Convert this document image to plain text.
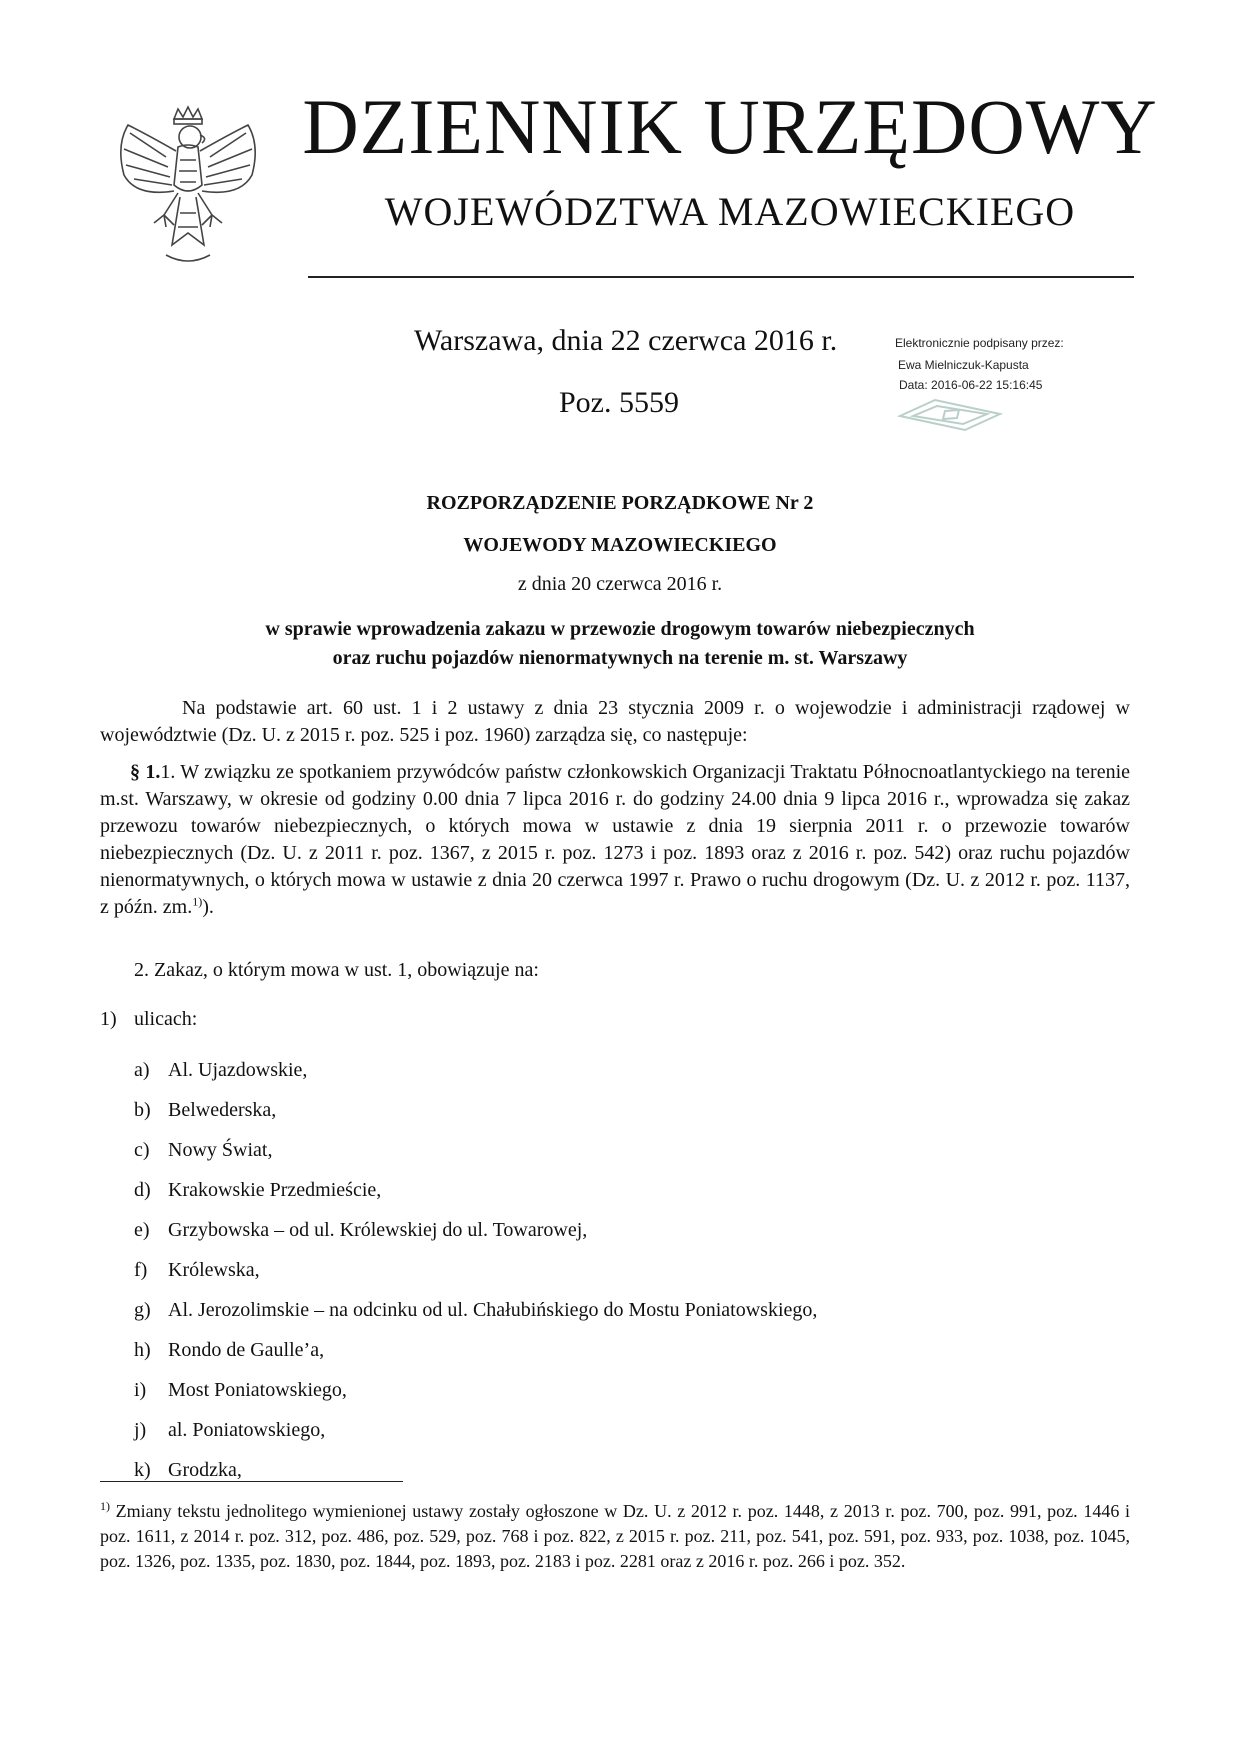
DZIENNIK URZĘDOWY
WOJEWÓDZTWA MAZOWIECKIEGO
Warszawa, dnia 22 czerwca 2016 r.
Poz. 5559
Elektronicznie podpisany przez:
Ewa Mielniczuk-Kapusta
Data: 2016-06-22 15:16:45
ROZPORZĄDZENIE PORZĄDKOWE Nr 2
WOJEWODY MAZOWIECKIEGO
z dnia 20 czerwca 2016 r.
w sprawie wprowadzenia zakazu w przewozie drogowym towarów niebezpiecznych
oraz ruchu pojazdów nienormatywnych na terenie m. st. Warszawy
Na podstawie art. 60 ust. 1 i 2 ustawy z dnia 23 stycznia 2009 r. o wojewodzie i administracji rządowej w województwie (Dz. U. z 2015 r. poz. 525 i poz. 1960) zarządza się, co następuje:
§ 1.1. W związku ze spotkaniem przywódców państw członkowskich Organizacji Traktatu Północnoatlantyckiego na terenie m.st. Warszawy, w okresie od godziny 0.00 dnia 7 lipca 2016 r. do godziny 24.00 dnia 9 lipca 2016 r., wprowadza się zakaz przewozu towarów niebezpiecznych, o których mowa w ustawie z dnia 19 sierpnia 2011 r. o przewozie towarów niebezpiecznych (Dz. U. z 2011 r. poz. 1367, z 2015 r. poz. 1273 i poz. 1893 oraz z 2016 r. poz. 542) oraz ruchu pojazdów nienormatywnych, o których mowa w ustawie z dnia 20 czerwca 1997 r. Prawo o ruchu drogowym (Dz. U. z 2012 r. poz. 1137, z późn. zm.$^{1)}$).
2. Zakaz, o którym mowa w ust. 1, obowiązuje na:
1) ulicach:
a) Al. Ujazdowskie,
b) Belwederska,
c) Nowy Świat,
d) Krakowskie Przedmieście,
e) Grzybowska – od ul. Królewskiej do ul. Towarowej,
f) Królewska,
g) Al. Jerozolimskie – na odcinku od ul. Chałubińskiego do Mostu Poniatowskiego,
h) Rondo de Gaulle’a,
i) Most Poniatowskiego,
j) al. Poniatowskiego,
k) Grodzka,
$^{1)}$ Zmiany tekstu jednolitego wymienionej ustawy zostały ogłoszone w Dz. U. z 2012 r. poz. 1448, z 2013 r. poz. 700, poz. 991, poz. 1446 i poz. 1611, z 2014 r. poz. 312, poz. 486, poz. 529, poz. 768 i poz. 822, z 2015 r. poz. 211, poz. 541, poz. 591, poz. 933, poz. 1038, poz. 1045, poz. 1326, poz. 1335, poz. 1830, poz. 1844, poz. 1893, poz. 2183 i poz. 2281 oraz z 2016 r. poz. 266 i poz. 352.
